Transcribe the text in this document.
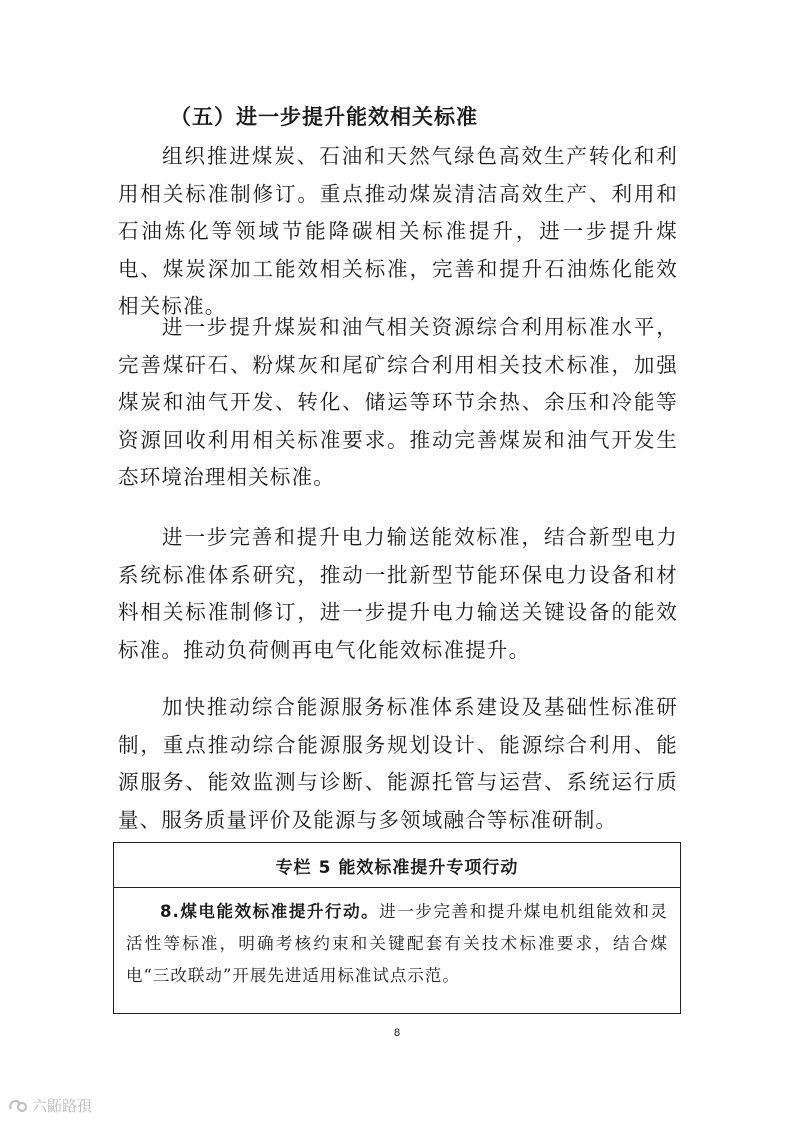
（五）进一步提升能效相关标准
组织推进煤炭、石油和天然气绿色高效生产转化和利用相关标准制修订。重点推动煤炭清洁高效生产、利用和石油炼化等领域节能降碳相关标准提升，进一步提升煤电、煤炭深加工能效相关标准，完善和提升石油炼化能效相关标准。
进一步提升煤炭和油气相关资源综合利用标准水平，完善煤矸石、粉煤灰和尾矿综合利用相关技术标准，加强煤炭和油气开发、转化、储运等环节余热、余压和冷能等资源回收利用相关标准要求。推动完善煤炭和油气开发生态环境治理相关标准。
进一步完善和提升电力输送能效标准，结合新型电力系统标准体系研究，推动一批新型节能环保电力设备和材料相关标准制修订，进一步提升电力输送关键设备的能效标准。推动负荷侧再电气化能效标准提升。
加快推动综合能源服务标准体系建设及基础性标准研制，重点推动综合能源服务规划设计、能源综合利用、能源服务、能效监测与诊断、能源托管与运营、系统运行质量、服务质量评价及能源与多领域融合等标准研制。
专栏 5 能效标准提升专项行动
8.煤电能效标准提升行动。进一步完善和提升煤电机组能效和灵活性等标准，明确考核约束和关键配套有关技术标准要求，结合煤电“三改联动”开展先进适用标准试点示范。
8
六鼫路孭
